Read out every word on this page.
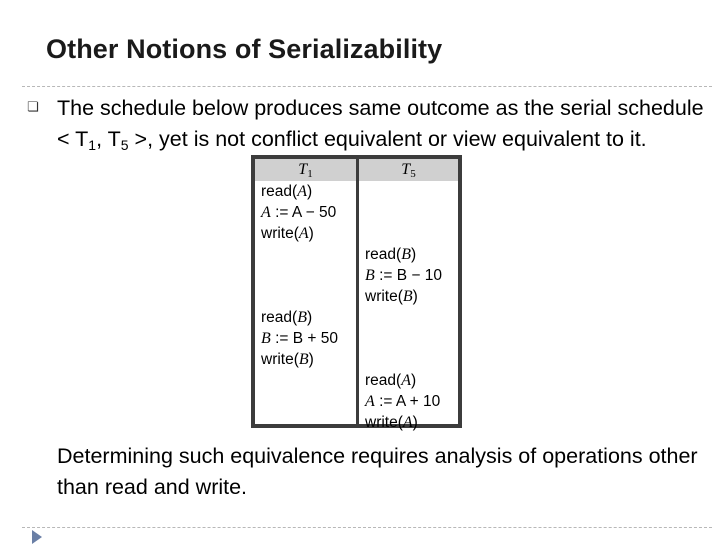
Other Notions of Serializability
❏ The schedule below produces same outcome as the serial schedule < $T_1$, $T_5$ >, yet is not conflict equivalent or view equivalent to it.
$T_1$	$T_5$
read(A)
A := A − 50
write(A)
read(B)
B := B + 50
write(B)
read(B)
B := B − 10
write(B)
read(A)
A := A + 10
write(A)
Determining such equivalence requires analysis of operations other than read and write.
